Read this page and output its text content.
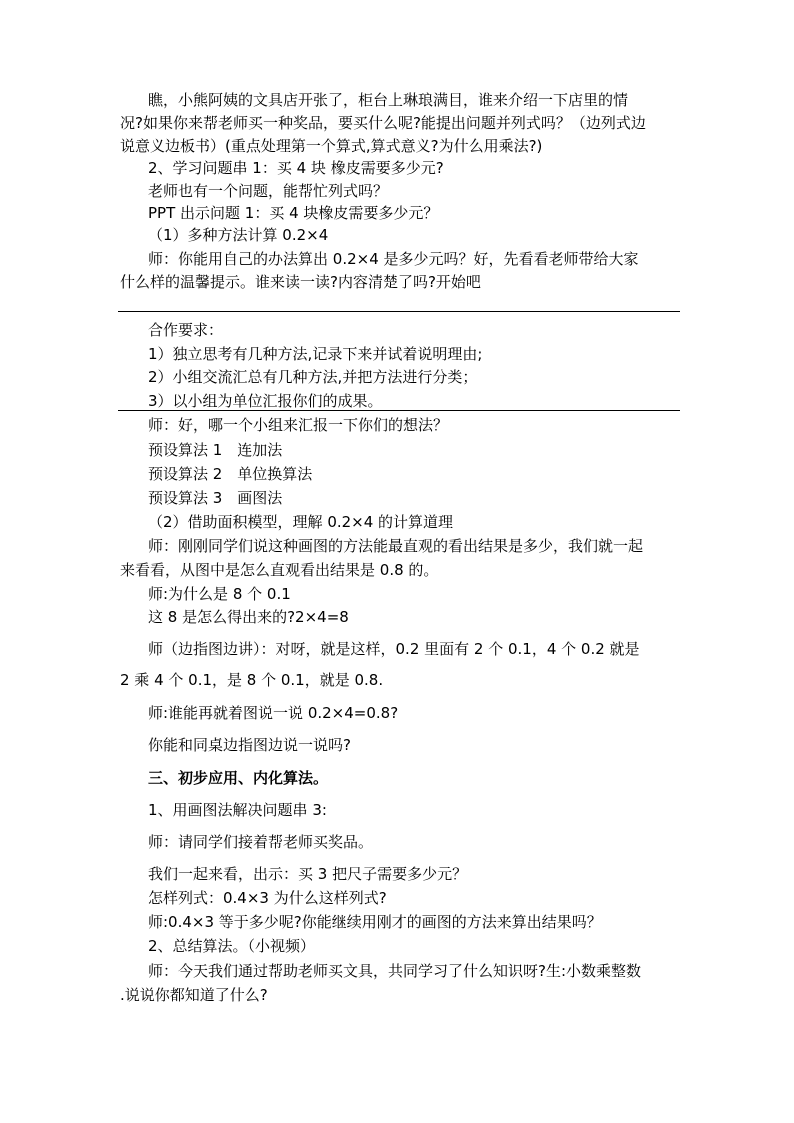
瞧，小熊阿姨的文具店开张了，柜台上琳琅满目，谁来介绍一下店里的情
况?如果你来帮老师买一种奖品，要买什么呢?能提出问题并列式吗？（边列式边
说意义边板书）(重点处理第一个算式,算式意义?为什么用乘法?)
2、学习问题串 1：买 4 块 橡皮需要多少元?
老师也有一个问题，能帮忙列式吗？
PPT 出示问题 1：买 4 块橡皮需要多少元？
（1）多种方法计算 0.2×4
师：你能用自己的办法算出 0.2×4 是多少元吗？好，先看看老师带给大家
什么样的温馨提示。谁来读一读?内容清楚了吗?开始吧
合作要求：
1）独立思考有几种方法,记录下来并试着说明理由;
2）小组交流汇总有几种方法,并把方法进行分类；
3）以小组为单位汇报你们的成果。
师：好，哪一个小组来汇报一下你们的想法？
预设算法 1　连加法
预设算法 2　单位换算法
预设算法 3　画图法
（2）借助面积模型，理解 0.2×4 的计算道理
师：刚刚同学们说这种画图的方法能最直观的看出结果是多少，我们就一起
来看看，从图中是怎么直观看出结果是 0.8 的。
师:为什么是 8 个 0.1
这 8 是怎么得出来的?2×4=8
师（边指图边讲）：对呀，就是这样，0.2 里面有 2 个 0.1，4 个 0.2 就是
2 乘 4 个 0.1，是 8 个 0.1，就是 0.8.
师:谁能再就着图说一说 0.2×4=0.8?
你能和同桌边指图边说一说吗?
三、初步应用、内化算法。
1、用画图法解决问题串 3:
师：请同学们接着帮老师买奖品。
我们一起来看，出示：买 3 把尺子需要多少元？
怎样列式：0.4×3 为什么这样列式?
师:0.4×3 等于多少呢?你能继续用刚才的画图的方法来算出结果吗？
2、总结算法。（小视频）
师：今天我们通过帮助老师买文具，共同学习了什么知识呀?生:小数乘整数
.说说你都知道了什么?
